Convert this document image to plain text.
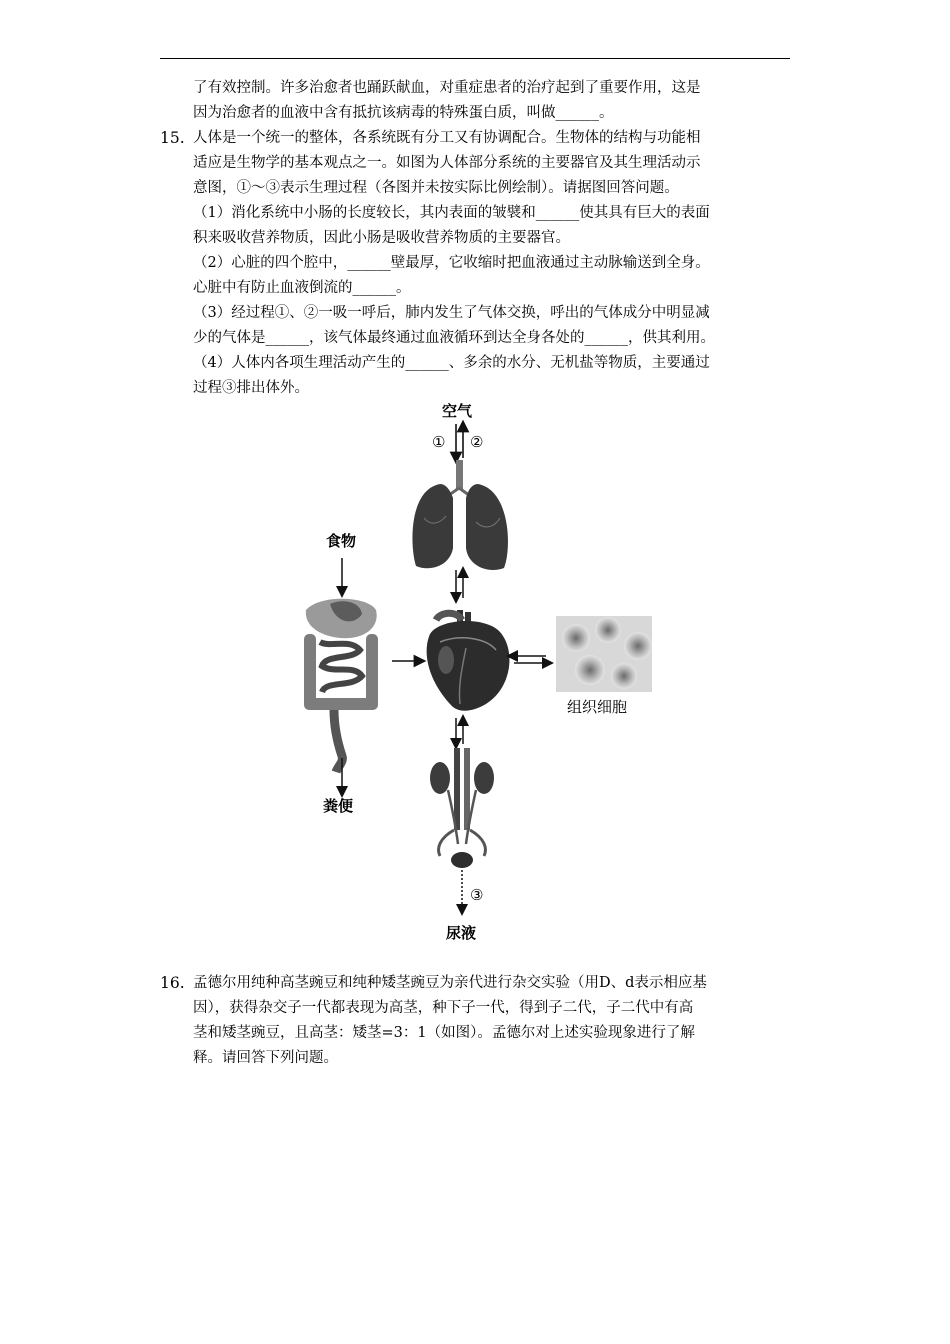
了有效控制。许多治愈者也踊跃献血，对重症患者的治疗起到了重要作用，这是
因为治愈者的血液中含有抵抗该病毒的特殊蛋白质，叫做______。
15. 人体是一个统一的整体，各系统既有分工又有协调配合。生物体的结构与功能相
适应是生物学的基本观点之一。如图为人体部分系统的主要器官及其生理活动示
意图，①～③表示生理过程（各图并未按实际比例绘制）。请据图回答问题。
（1）消化系统中小肠的长度较长，其内表面的皱襞和______使其具有巨大的表面
积来吸收营养物质，因此小肠是吸收营养物质的主要器官。
（2）心脏的四个腔中，______壁最厚，它收缩时把血液通过主动脉输送到全身。
心脏中有防止血液倒流的______。
（3）经过程①、②一吸一呼后，肺内发生了气体交换，呼出的气体成分中明显减
少的气体是______，该气体最终通过血液循环到达全身各处的______，供其利用。
（4）人体内各项生理活动产生的______、多余的水分、无机盐等物质，主要通过
过程③排出体外。
空气
① ②
食物
粪便
组织细胞
③
尿液
16. 孟德尔用纯种高茎豌豆和纯种矮茎豌豆为亲代进行杂交实验（用D、d表示相应基
因），获得杂交子一代都表现为高茎，种下子一代，得到子二代，子二代中有高
茎和矮茎豌豆，且高茎：矮茎=3：1（如图）。孟德尔对上述实验现象进行了解
释。请回答下列问题。
